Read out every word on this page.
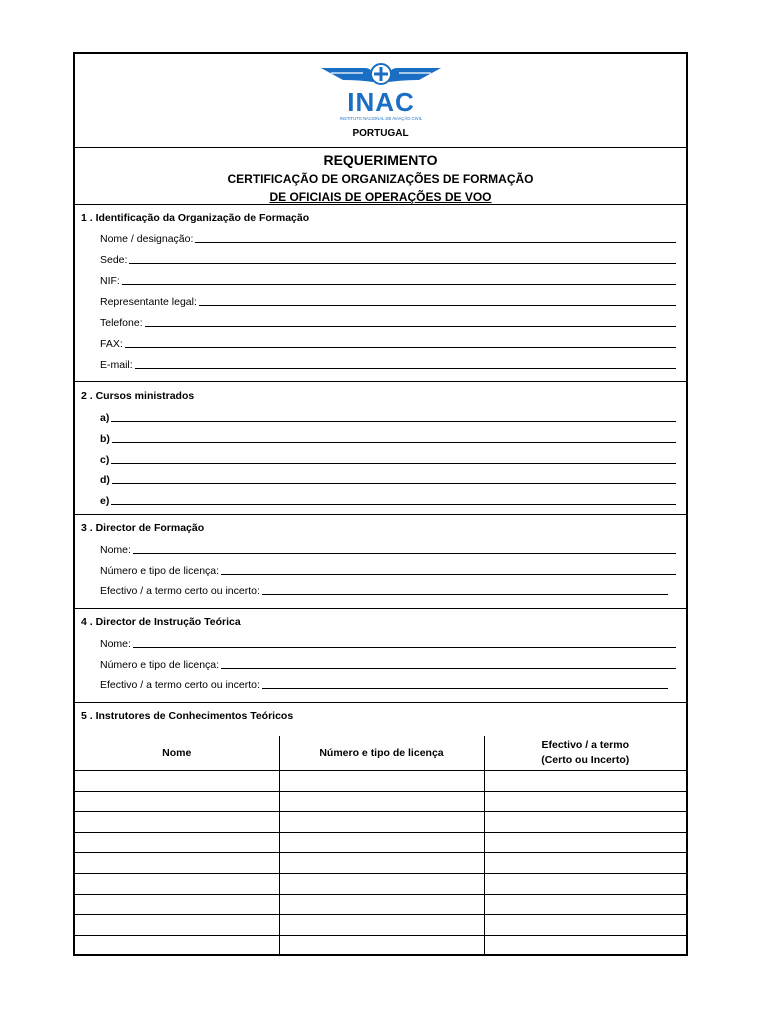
INAC
INSTITUTO NACIONAL DE AVIAÇÃO CIVIL
PORTUGAL
REQUERIMENTO
CERTIFICAÇÃO DE ORGANIZAÇÕES DE FORMAÇÃO
DE OFICIAIS DE OPERAÇÕES DE VOO
1 . Identificação da Organização de Formação
Nome / designação:
Sede:
NIF:
Representante legal:
Telefone:
FAX:
E-mail:
2 . Cursos ministrados
a)
b)
c)
d)
e)
3 . Director de Formação
Nome:
Número e tipo de licença:
Efectivo / a termo certo ou incerto:
4 . Director de Instrução Teórica
Nome:
Número e tipo de licença:
Efectivo / a termo certo ou incerto:
5 . Instrutores de Conhecimentos Teóricos
Nome	Número e tipo de licença	Efectivo / a termo
(Certo ou Incerto)
